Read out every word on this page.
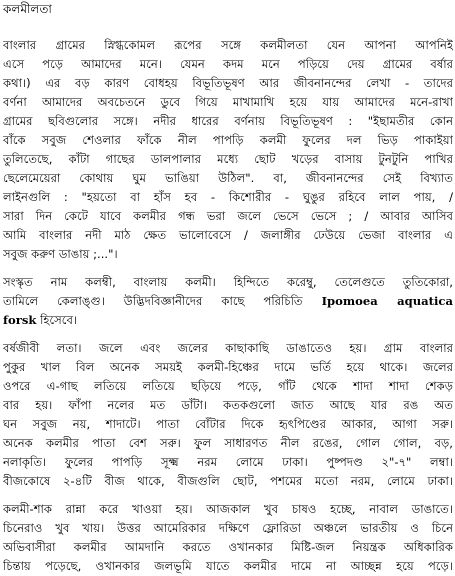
কলমীলতা
বাংলার গ্রামের স্নিগ্ধকোমল রূপের সঙ্গে কলমীলতা যেন আপনা আপনিই
এসে পড়ে আমাদের মনে। যেমন কদম মনে পড়িয়ে দেয় গ্রামের বর্ষার
কথা।) এর বড় কারণ বোধহয় বিভূতিভূষণ আর জীবনানন্দের লেখা - তাদের
বর্ণনা আমাদের অবচেতনে ডুবে গিয়ে মাখামাখি হয়ে যায় আমাদের মনে-রাখা
গ্রামের ছবিগুলোর সঙ্গে। নদীর ধারের বর্ণনায় বিভূতিভূষণ : "ইছামতীর কোন
বাঁকে সবুজ শেওলার ফাঁকে নীল পাপড়ি কলমী ফুলের দল ভিড় পাকাইয়া
তুলিতেছে, কাঁটা গাছের ডালপালার মধ্যে ছোট খড়ের বাসায় টুনটুনি পাখির
ছেলেমেয়েরা কোথায় ঘুম ভাঙিয়া উঠিল". বা, জীবনানন্দের সেই বিখ্যাত
লাইনগুলি : "হয়তো বা হাঁস হব - কিশোরীর - ঘুঙুর রহিবে লাল পায়, /
সারা দিন কেটে যাবে কলমীর গন্ধ ভরা জলে ভেসে ভেসে ; / আবার আসিব
আমি বাংলার নদী মাঠ ক্ষেত ভালোবেসে / জলাঙ্গীর ঢেউয়ে ভেজা বাংলার এ
সবুজ করুণ ডাঙায় ;..."।
সংস্কৃত নাম কলম্বী, বাংলায় কলমী। হিন্দিতে করেম্বু, তেলেগুতে তুতিকোরা,
তামিলে কেলাঙ্গু। উদ্ভিদবিজ্ঞানীদের কাছে পরিচিতি Ipomoea aquatica
forsk হিসেবে।
বর্ষজীবী লতা। জলে এবং জলের কাছাকাছি ডাঙাতেও হয়। গ্রাম বাংলার
পুকুর খাল বিল অনেক সময়ই কলমী-হিঞ্চের দামে ভর্তি হয়ে থাকে। জলের
ওপরে এ-গাছ লতিয়ে লতিয়ে ছড়িয়ে পড়ে, গাঁট থেকে শাদা শাদা শেকড়
বার হয়। ফাঁপা নলের মত ডাঁটা। কতকগুলো জাত আছে যার রঙ অত
ঘন সবুজ নয়, শাদাটে। পাতা বোঁটার দিকে হৃৎপিণ্ডের আকার, আগা সরু।
অনেক কলমীর পাতা বেশ সরু। ফুল সাধারণত নীল রঙের, গোল গোল, বড়,
নলাকৃতি। ফুলের পাপড়ি সূক্ষ্ম নরম লোমে ঢাকা। পুষ্পদণ্ড ২"-৭" লম্বা।
বীজকোষে ২-৪টি বীজ থাকে, বীজগুলি ছোট, পশমের মতো নরম, লোমে ঢাকা।
কলমী-শাক রান্না করে খাওয়া হয়। আজকাল খুব চাষও হচ্ছে, নাবাল ডাঙাতে।
চিনেরাও খুব খায়। উত্তর আমেরিকার দক্ষিণে ফ্লোরিডা অঞ্চলে ভারতীয় ও চিনে
অভিবাসীরা কলমীর আমদানি করতে ওখানকার মিষ্টি-জল নিয়ন্ত্রক অধিকারিক
চিন্তায় পড়েছে, ওখানকার জলভূমি যাতে কলমীর দামে না আচ্ছন্ন হয়ে পড়ে।
